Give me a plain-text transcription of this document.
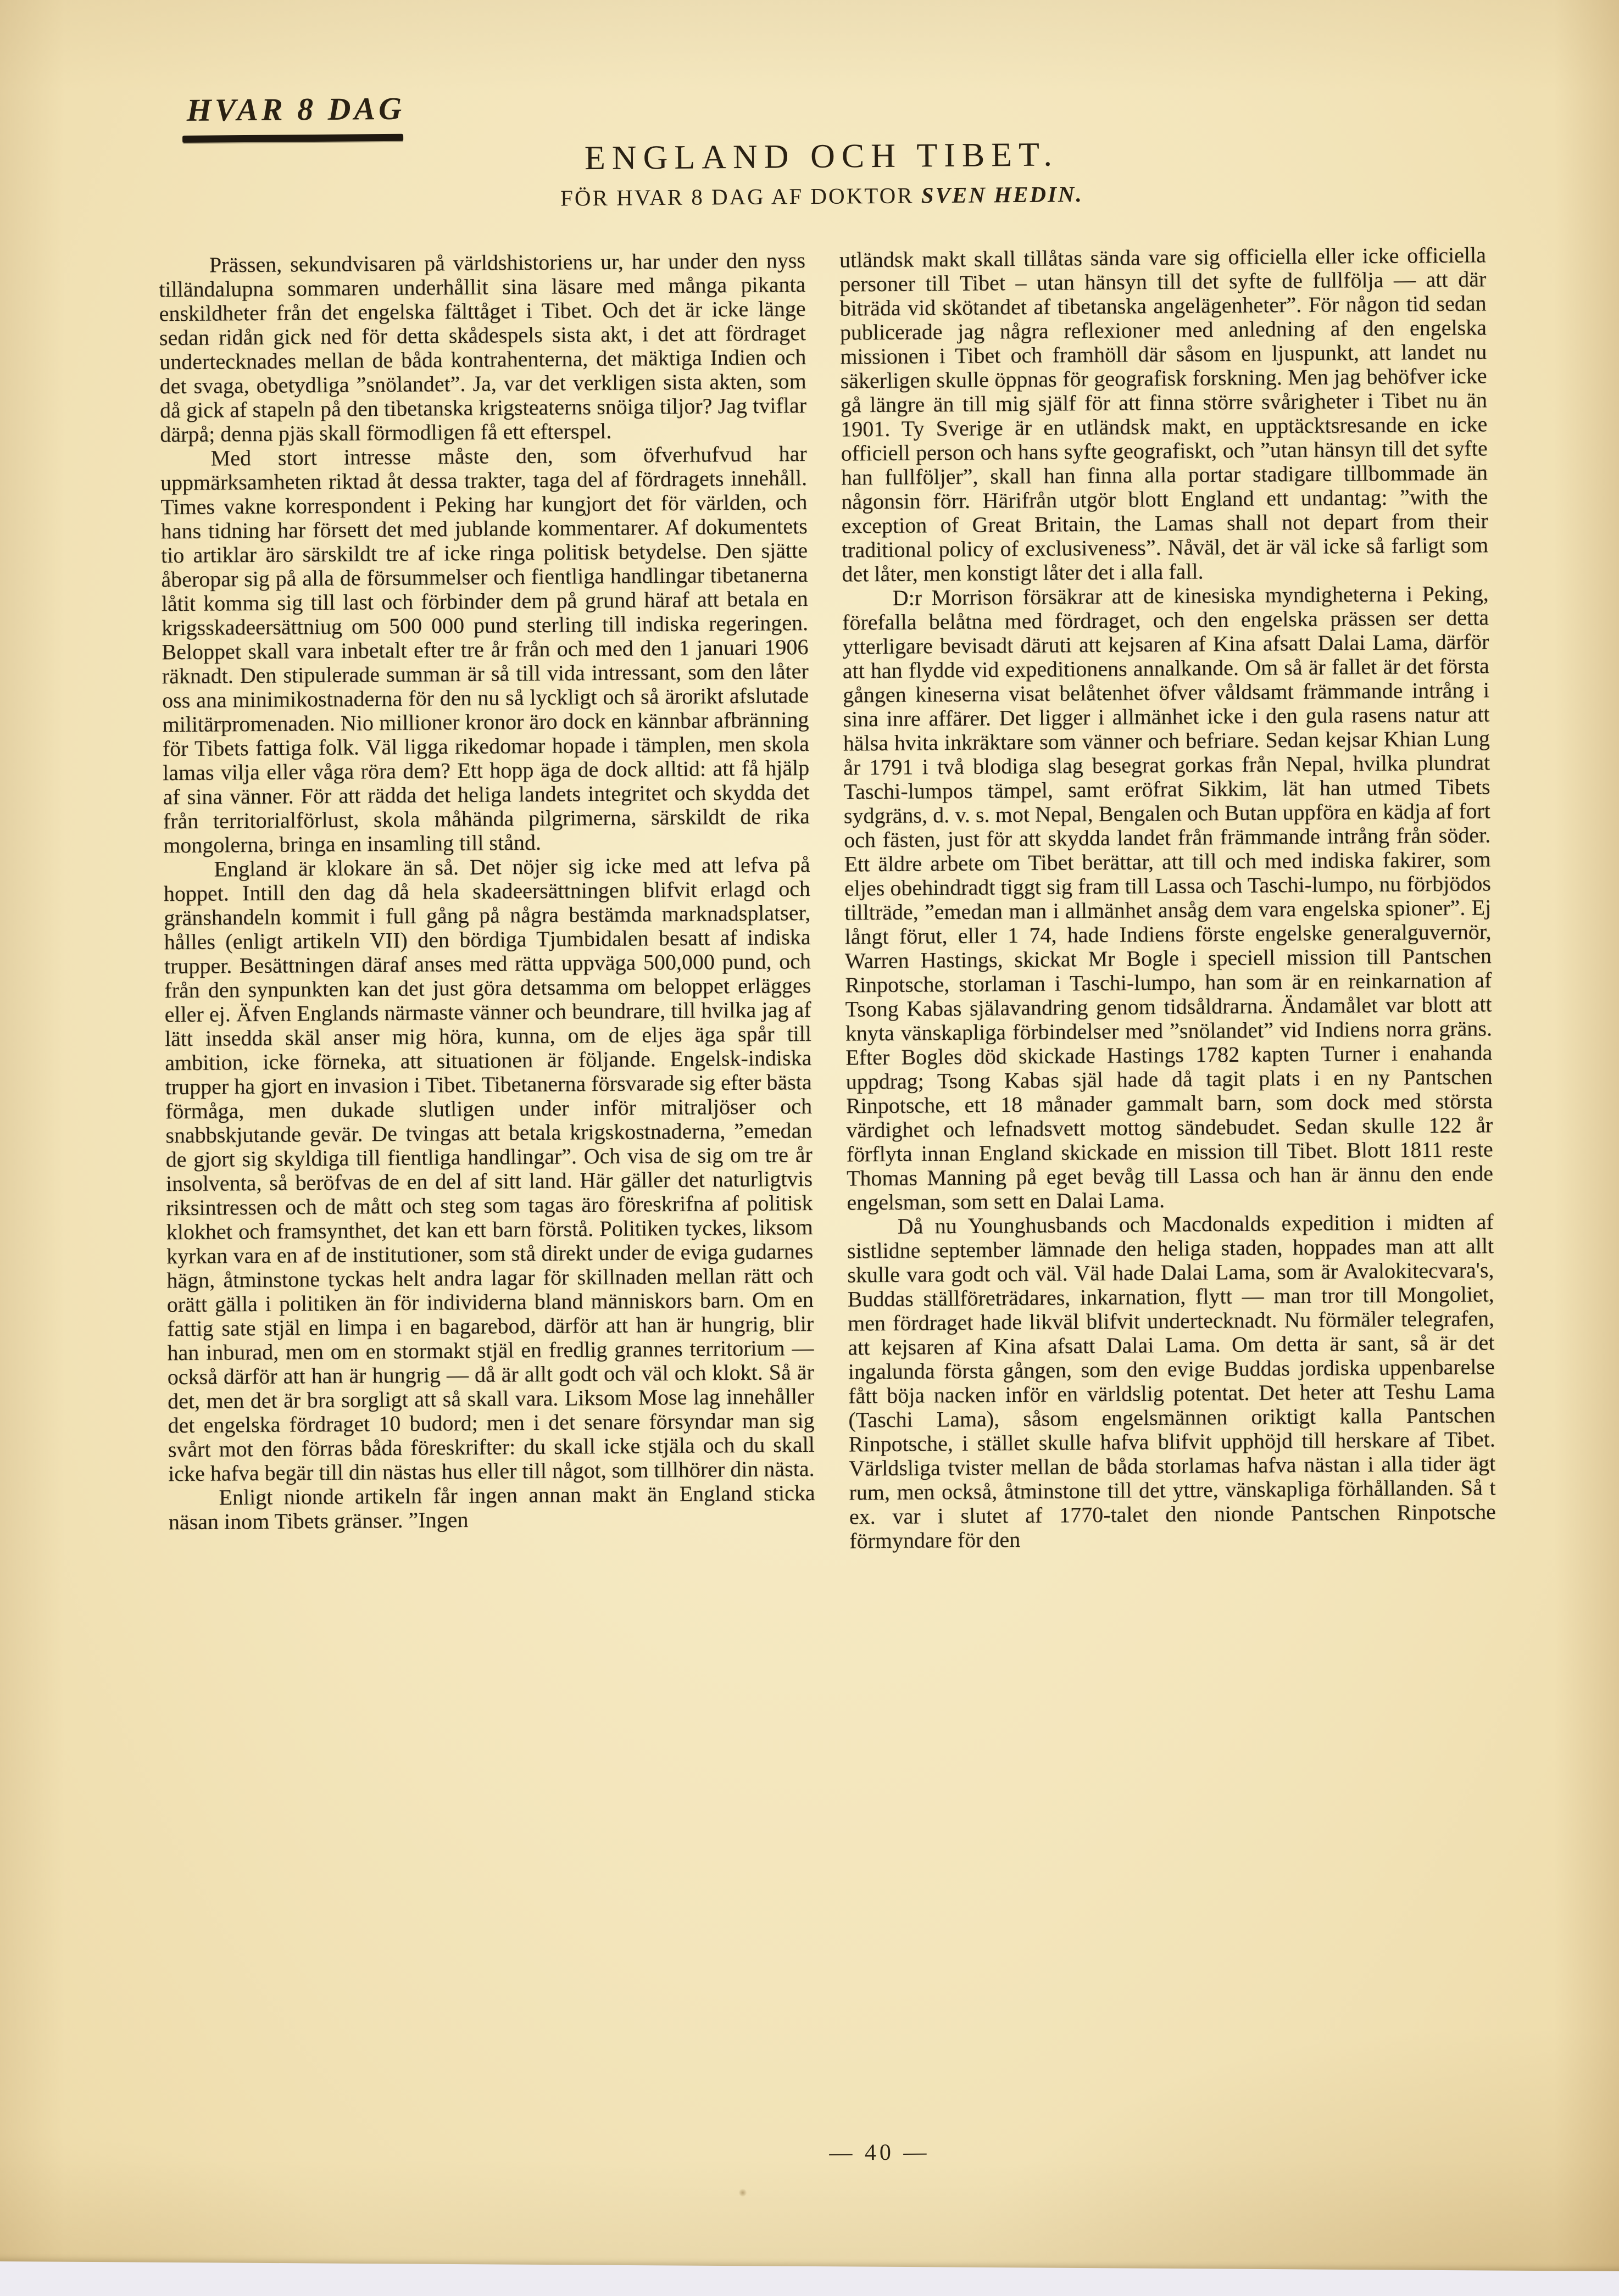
HVAR 8 DAG
ENGLAND OCH TIBET.
FÖR HVAR 8 DAG AF DOKTOR SVEN HEDIN.

Prässen, sekundvisaren på världshistoriens ur, har under den nyss tilländalupna sommaren underhållit sina läsare med många pikanta enskildheter från det engelska fälttåget i Tibet. Och det är icke länge sedan ridån gick ned för detta skådespels sista akt, i det att fördraget undertecknades mellan de båda kontrahenterna, det mäktiga Indien och det svaga, obetydliga ”snölandet”. Ja, var det verkligen sista akten, som då gick af stapeln på den tibetanska krigsteaterns snöiga tiljor? Jag tviflar därpå; denna pjäs skall förmodligen få ett efterspel.

Med stort intresse måste den, som öfverhufvud har uppmärksamheten riktad åt dessa trakter, taga del af fördragets innehåll. Times vakne korrespondent i Peking har kungjort det för världen, och hans tidning har försett det med jublande kommentarer. Af dokumentets tio artiklar äro särskildt tre af icke ringa politisk betydelse. Den sjätte åberopar sig på alla de försummelser och fientliga handlingar tibetanerna låtit komma sig till last och förbinder dem på grund häraf att betala en krigsskadeersättniug om 500 000 pund sterling till indiska regeringen. Beloppet skall vara inbetalt efter tre år från och med den 1 januari 1906 räknadt. Den stipulerade summan är så till vida intressant, som den låter oss ana minimikostnaderna för den nu så lyckligt och så ärorikt afslutade militärpromenaden. Nio millioner kronor äro dock en kännbar afbränning för Tibets fattiga folk. Väl ligga rikedomar hopade i tämplen, men skola lamas vilja eller våga röra dem? Ett hopp äga de dock alltid: att få hjälp af sina vänner. För att rädda det heliga landets integritet och skydda det från territorialförlust, skola måhända pilgrimerna, särskildt de rika mongolerna, bringa en insamling till stånd.

England är klokare än så. Det nöjer sig icke med att lefva på hoppet. Intill den dag då hela skadeersättningen blifvit erlagd och gränshandeln kommit i full gång på några bestämda marknadsplatser, hålles (enligt artikeln VII) den bördiga Tjumbidalen besatt af indiska trupper. Besättningen däraf anses med rätta uppväga 500,000 pund, och från den synpunkten kan det just göra detsamma om beloppet erlägges eller ej. Äfven Englands närmaste vänner och beundrare, till hvilka jag af lätt insedda skäl anser mig höra, kunna, om de eljes äga spår till ambition, icke förneka, att situationen är följande. Engelsk-indiska trupper ha gjort en invasion i Tibet. Tibetanerna försvarade sig efter bästa förmåga, men dukade slutligen under inför mitraljöser och snabbskjutande gevär. De tvingas att betala krigskostnaderna, ”emedan de gjort sig skyldiga till fientliga handlingar”. Och visa de sig om tre år insolventa, så beröfvas de en del af sitt land. Här gäller det naturligtvis riksintressen och de mått och steg som tagas äro föreskrifna af politisk klokhet och framsynthet, det kan ett barn förstå. Politiken tyckes, liksom kyrkan vara en af de institutioner, som stå direkt under de eviga gudarnes hägn, åtminstone tyckas helt andra lagar för skillnaden mellan rätt och orätt gälla i politiken än för individerna bland människors barn. Om en fattig sate stjäl en limpa i en bagarebod, därför att han är hungrig, blir han inburad, men om en stormakt stjäl en fredlig grannes territorium — också därför att han är hungrig — då är allt godt och väl och klokt. Så är det, men det är bra sorgligt att så skall vara. Liksom Mose lag innehåller det engelska fördraget 10 budord; men i det senare försyndar man sig svårt mot den förras båda föreskrifter: du skall icke stjäla och du skall icke hafva begär till din nästas hus eller till något, som tillhörer din nästa.

Enligt nionde artikeln får ingen annan makt än England sticka näsan inom Tibets gränser. ”Ingen

utländsk makt skall tillåtas sända vare sig officiella eller icke officiella personer till Tibet – utan hänsyn till det syfte de fullfölja — att där biträda vid skötandet af tibetanska angelägenheter”. För någon tid sedan publicerade jag några reflexioner med anledning af den engelska missionen i Tibet och framhöll där såsom en ljuspunkt, att landet nu säkerligen skulle öppnas för geografisk forskning. Men jag behöfver icke gå längre än till mig själf för att finna större svårigheter i Tibet nu än 1901. Ty Sverige är en utländsk makt, en upptäcktsresande en icke officiell person och hans syfte geografiskt, och ”utan hänsyn till det syfte han fullföljer”, skall han finna alla portar stadigare tillbommade än någonsin förr. Härifrån utgör blott England ett undantag: ”with the exception of Great Britain, the Lamas shall not depart from their traditional policy of exclusiveness”. Nåväl, det är väl icke så farligt som det låter, men konstigt låter det i alla fall.

D:r Morrison försäkrar att de kinesiska myndigheterna i Peking, förefalla belåtna med fördraget, och den engelska prässen ser detta ytterligare bevisadt däruti att kejsaren af Kina afsatt Dalai Lama, därför att han flydde vid expeditionens annalkande. Om så är fallet är det första gången kineserna visat belåtenhet öfver våldsamt främmande intrång i sina inre affärer. Det ligger i allmänhet icke i den gula rasens natur att hälsa hvita inkräktare som vänner och befriare. Sedan kejsar Khian Lung år 1791 i två blodiga slag besegrat gorkas från Nepal, hvilka plundrat Taschi-lumpos tämpel, samt eröfrat Sikkim, lät han utmed Tibets sydgräns, d. v. s. mot Nepal, Bengalen och Butan uppföra en kädja af fort och fästen, just för att skydda landet från främmande intrång från söder. Ett äldre arbete om Tibet berättar, att till och med indiska fakirer, som eljes obehindradt tiggt sig fram till Lassa och Taschi-lumpo, nu förbjödos tillträde, ”emedan man i allmänhet ansåg dem vara engelska spioner”. Ej långt förut, eller 1 74, hade Indiens förste engelske generalguvernör, Warren Hastings, skickat Mr Bogle i speciell mission till Pantschen Rinpotsche, storlaman i Taschi-lumpo, han som är en reinkarnation af Tsong Kabas själavandring genom tidsåldrarna. Ändamålet var blott att knyta vänskapliga förbindelser med ”snölandet” vid Indiens norra gräns. Efter Bogles död skickade Hastings 1782 kapten Turner i enahanda uppdrag; Tsong Kabas själ hade då tagit plats i en ny Pantschen Rinpotsche, ett 18 månader gammalt barn, som dock med största värdighet och lefnadsvett mottog sändebudet. Sedan skulle 122 år förflyta innan England skickade en mission till Tibet. Blott 1811 reste Thomas Manning på eget bevåg till Lassa och han är ännu den ende engelsman, som sett en Dalai Lama.

Då nu Younghusbands och Macdonalds expedition i midten af sistlidne september lämnade den heliga staden, hoppades man att allt skulle vara godt och väl. Väl hade Dalai Lama, som är Avalokitecvara's, Buddas ställföreträdares, inkarnation, flytt — man tror till Mongoliet, men fördraget hade likväl blifvit undertecknadt. Nu förmäler telegrafen, att kejsaren af Kina afsatt Dalai Lama. Om detta är sant, så är det ingalunda första gången, som den evige Buddas jordiska uppenbarelse fått böja nacken inför en världslig potentat. Det heter att Teshu Lama (Taschi Lama), såsom engelsmännen oriktigt kalla Pantschen Rinpotsche, i stället skulle hafva blifvit upphöjd till herskare af Tibet. Världsliga tvister mellan de båda storlamas hafva nästan i alla tider ägt rum, men också, åtminstone till det yttre, vänskapliga förhållanden. Så t ex. var i slutet af 1770-talet den nionde Pantschen Rinpotsche förmyndare för den

— 40 —
